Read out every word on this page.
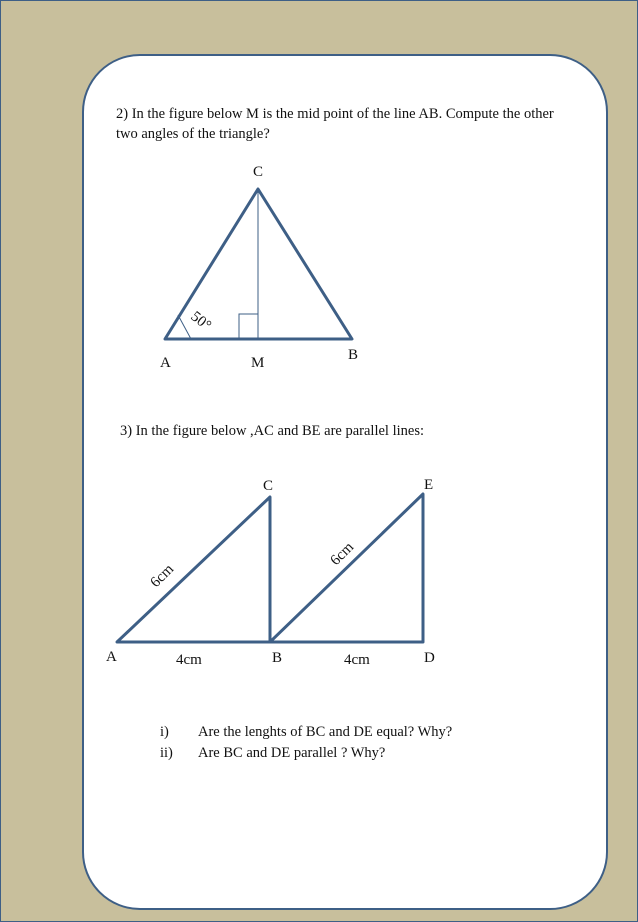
2) In the figure below M is the mid point of the line AB. Compute the other two angles of the triangle?
C
A	M	B
50°
C	E
A	B	D
4cm	4cm
6cm
6cm
3) In the figure below ,AC and BE are parallel lines:
i)	Are the lenghts of BC and DE equal? Why?
ii)	Are BC and DE parallel ? Why?
